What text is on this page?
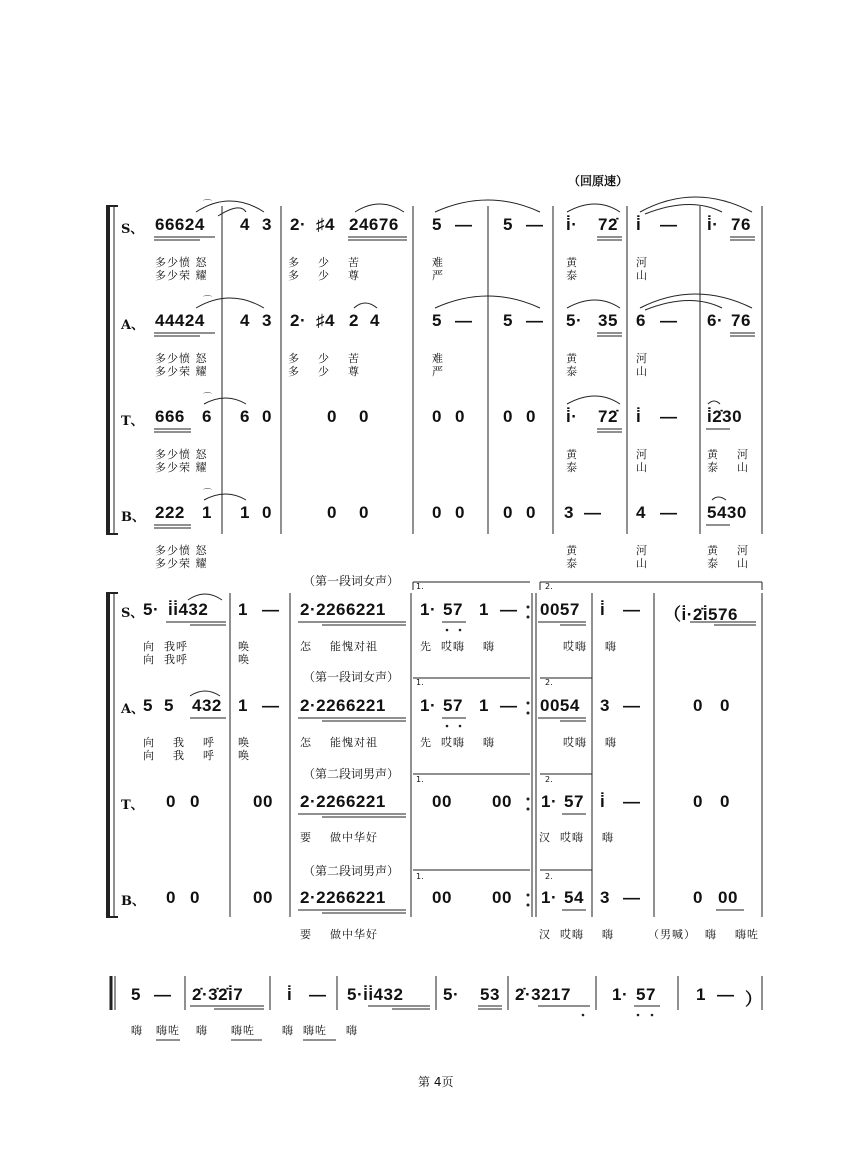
（回原速）
S、 66624 4 3 2· ♯4 24676 5 — 5 — i̇· 72̇ i̇ — i̇· 76
多少愤 怒
多少荣 耀
多    少    苦
多    少    尊
难
严
黄
泰
河
山
A、 44424 4 3 2· ♯4 2 4	5 — 5 — 5· 35 6 — 6· 76
多少愤 怒
多少荣 耀
多    少    苦
多    少    尊
难
严
黄
泰
河
山
T、 666 6 6 0	0 0	0 0 0 0 i̇· 72̇ i̇ — i̇2̇30
多少愤 怒
多少荣 耀
黄
泰
河
山
黄    河
泰    山
B、 222 1 1 0	0 0	0 0 0 0 3 — 4 — 5430
多少愤 怒
多少荣 耀
黄
泰
河
山
黄    河
泰    山
S、 5· i̇i̇432 1 — 2·2266221 1· 57 1 — 0057 i̇ — （i̇·2̇i̇576
向  我呼
向  我呼
唤
唤
怎    能愧对祖	先  哎嗨    嗨	哎嗨    嗨
（第一段词女声） 1.	2.
A、
5 5 432 1 — 2·2266221 1· 57 1 — 0054 3 —	0 0
向    我    呼
向    我    呼
唤
唤
怎    能愧对祖	先  哎嗨    嗨	哎嗨    嗨
（第一段词女声） 1.	2.
T、 0 0	00 2·2266221	00 00 1· 57 i̇ —	0 0
要    做中华好	汉  哎嗨    嗨
（第二段词男声） 1.	2.
B、 0 0	00 2·2266221	00 00 1· 54 3 —	0 00
要    做中华好	汉  哎嗨    嗨	（男喊）  嗨    嗨咗
（第二段词男声） 1.	2.
5 — 2̇·3̇2̇i̇7	i̇ — 5·i̇i̇432 5· 53 2̇·3217 1· 57 1 — ）
嗨 嗨咗 嗨 嗨咗 嗨 嗨咗 嗨
⌒
⌒
⌒
⌒
第 4页
